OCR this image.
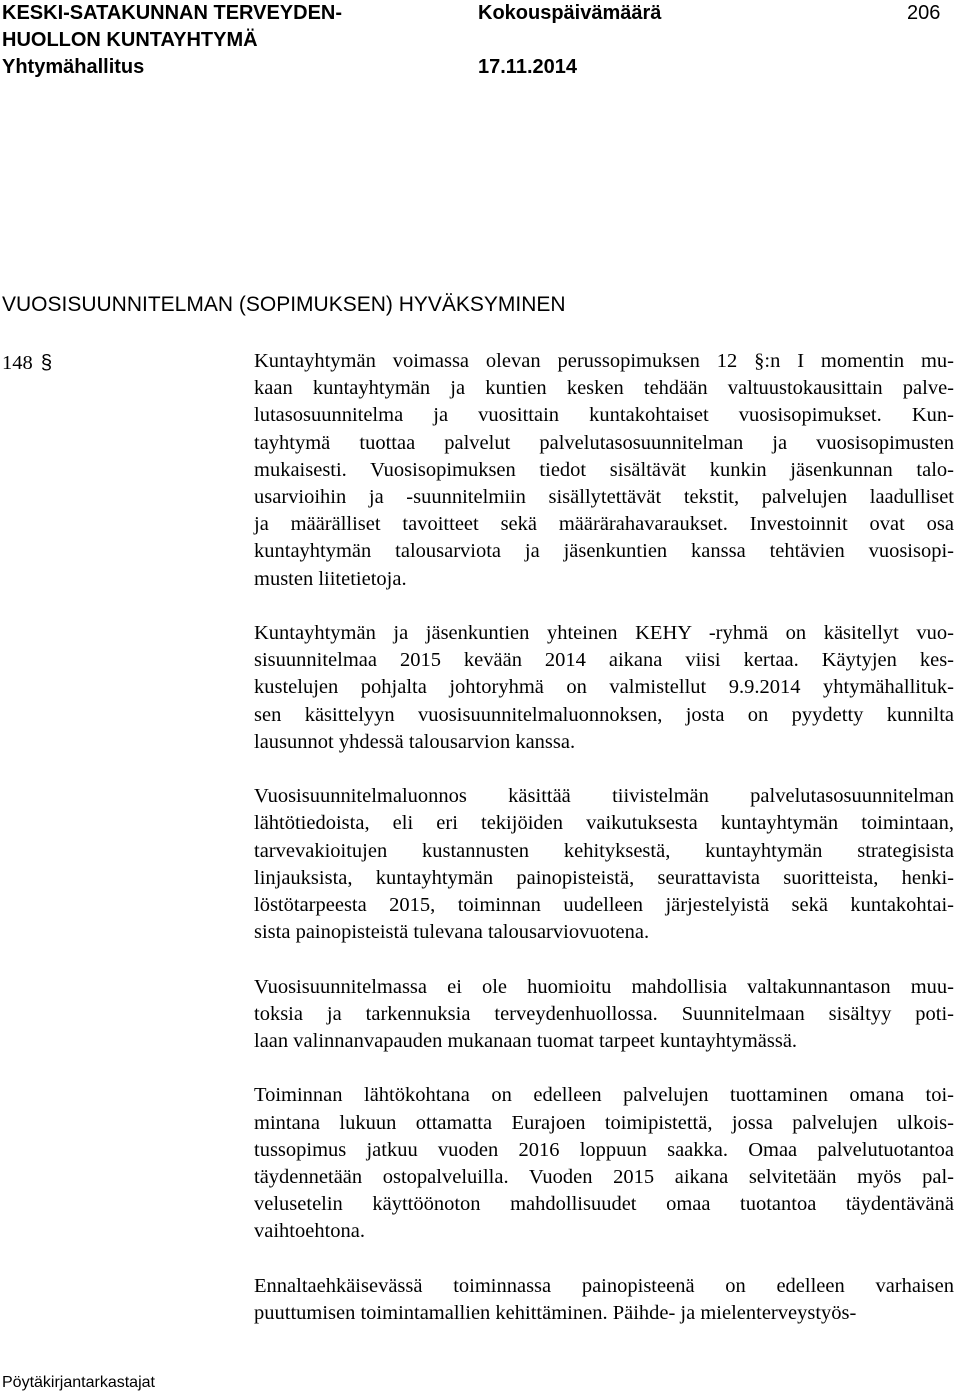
KESKI-SATAKUNNAN TERVEYDEN-
HUOLLON KUNTAYHTYMÄ
Yhtymähallitus
Kokouspäivämäärä
17.11.2014
206
VUOSISUUNNITELMAN (SOPIMUKSEN) HYVÄKSYMINEN
148 §	Kuntayhtymän voimassa olevan perussopimuksen 12 §:n I momentin mu-
kaan kuntayhtymän ja kuntien kesken tehdään valtuustokausittain palve-
lutasosuunnitelma ja vuosittain kuntakohtaiset vuosisopimukset. Kun-
tayhtymä tuottaa palvelut palvelutasosuunnitelman ja vuosisopimusten
mukaisesti. Vuosisopimuksen tiedot sisältävät kunkin jäsenkunnan talo-
usarvioihin ja -suunnitelmiin sisällytettävät tekstit, palvelujen laadulliset
ja määrälliset tavoitteet sekä määrärahavaraukset. Investoinnit ovat osa
kuntayhtymän talousarviota ja jäsenkuntien kanssa tehtävien vuosisopi-
musten liitetietoja.
Kuntayhtymän ja jäsenkuntien yhteinen KEHY -ryhmä on käsitellyt vuo-
sisuunnitelmaa 2015 kevään 2014 aikana viisi kertaa. Käytyjen kes-
kustelujen pohjalta johtoryhmä on valmistellut 9.9.2014 yhtymähallituk-
sen käsittelyyn vuosisuunnitelmaluonnoksen, josta on pyydetty kunnilta
lausunnot yhdessä talousarvion kanssa.
Vuosisuunnitelmaluonnos käsittää tiivistelmän palvelutasosuunnitelman
lähtötiedoista, eli eri tekijöiden vaikutuksesta kuntayhtymän toimintaan,
tarvevakioitujen kustannusten kehityksestä, kuntayhtymän strategisista
linjauksista, kuntayhtymän painopisteistä, seurattavista suoritteista, henki-
löstötarpeesta 2015, toiminnan uudelleen järjestelyistä sekä kuntakohtai-
sista painopisteistä tulevana talousarviovuotena.
Vuosisuunnitelmassa ei ole huomioitu mahdollisia valtakunnantason muu-
toksia ja tarkennuksia terveydenhuollossa. Suunnitelmaan sisältyy poti-
laan valinnanvapauden mukanaan tuomat tarpeet kuntayhtymässä.
Toiminnan lähtökohtana on edelleen palvelujen tuottaminen omana toi-
mintana lukuun ottamatta Eurajoen toimipistettä, jossa palvelujen ulkois-
tussopimus jatkuu vuoden 2016 loppuun saakka. Omaa palvelutuotantoa
täydennetään ostopalveluilla. Vuoden 2015 aikana selvitetään myös pal-
velusetelin käyttöönoton mahdollisuudet omaa tuotantoa täydentävänä
vaihtoehtona.
Ennaltaehkäisevässä toiminnassa painopisteenä on edelleen varhaisen
puuttumisen toimintamallien kehittäminen. Päihde- ja mielenterveystyös-
Pöytäkirjantarkastajat
